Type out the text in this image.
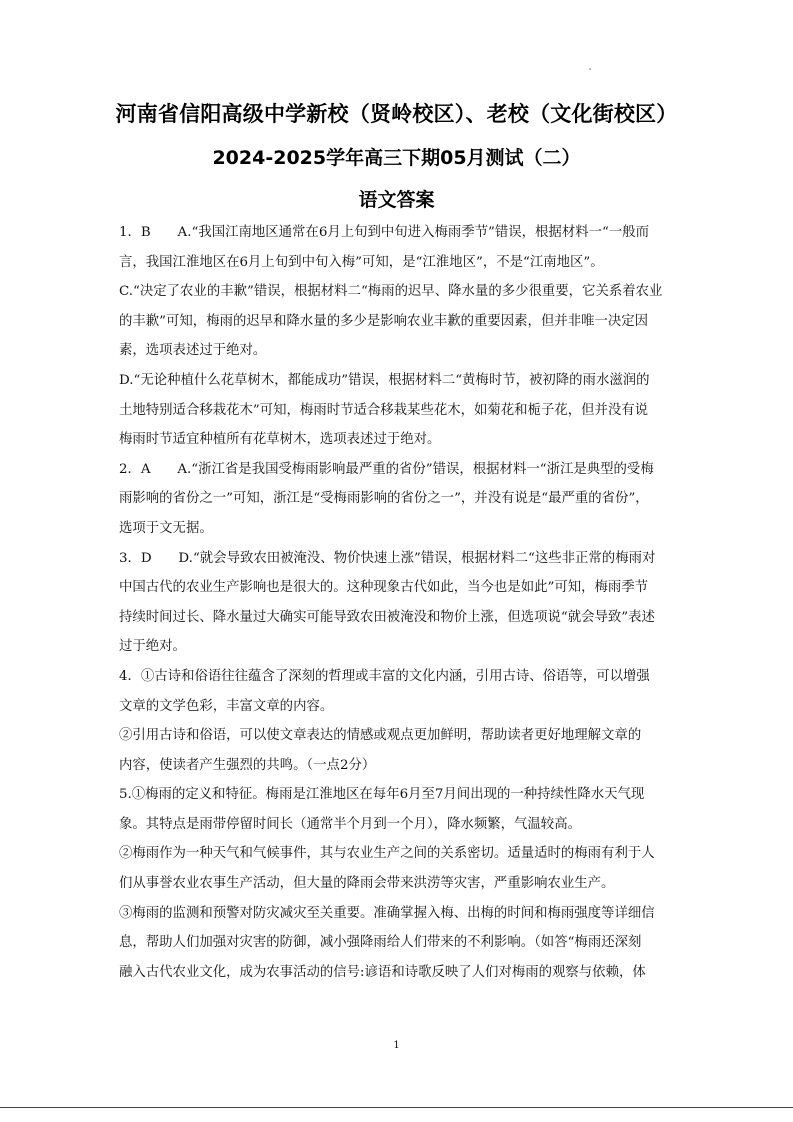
河南省信阳高级中学新校（贤岭校区）、老校（文化街校区）
2024-2025学年高三下期05月测试（二）
语文答案
1．B　　A.“我国江南地区通常在6月上旬到中旬进入梅雨季节”错误，根据材料一“一般而
言，我国江淮地区在6月上旬到中旬入梅”可知，是“江淮地区”，不是“江南地区”。
C.“决定了农业的丰歉”错误，根据材料二“梅雨的迟早、降水量的多少很重要，它关系着农业
的丰歉”可知，梅雨的迟早和降水量的多少是影响农业丰歉的重要因素，但并非唯一决定因
素，选项表述过于绝对。
D.“无论种植什么花草树木，都能成功”错误，根据材料二“黄梅时节，被初降的雨水滋润的
土地特别适合移栽花木”可知，梅雨时节适合移栽某些花木，如菊花和栀子花，但并没有说
梅雨时节适宜种植所有花草树木，选项表述过于绝对。
2．A　　A.“浙江省是我国受梅雨影响最严重的省份”错误，根据材料一“浙江是典型的受梅
雨影响的省份之一”可知，浙江是“受梅雨影响的省份之一”，并没有说是“最严重的省份”，
选项于文无据。
3．D　　D.“就会导致农田被淹没、物价快速上涨”错误，根据材料二“这些非正常的梅雨对
中国古代的农业生产影响也是很大的。这种现象古代如此，当今也是如此”可知，梅雨季节
持续时间过长、降水量过大确实可能导致农田被淹没和物价上涨，但选项说“就会导致”表述
过于绝对。
4．①古诗和俗语往往蕴含了深刻的哲理或丰富的文化内涵，引用古诗、俗语等，可以增强
文章的文学色彩，丰富文章的内容。
②引用古诗和俗语，可以使文章表达的情感或观点更加鲜明，帮助读者更好地理解文章的
内容，使读者产生强烈的共鸣。（一点2分）
5.①梅雨的定义和特征。梅雨是江淮地区在每年6月至7月间出现的一种持续性降水天气现
象。其特点是雨带停留时间长（通常半个月到一个月），降水频繁，气温较高。
②梅雨作为一种天气和气候事件，其与农业生产之间的关系密切。适量适时的梅雨有利于人
们从事誉农业农事生产活动，但大量的降雨会带来洪涝等灾害，严重影响农业生产。
③梅雨的监测和预警对防灾减灾至关重要。准确掌握入梅、出梅的时间和梅雨强度等详细信
息，帮助人们加强对灾害的防御，减小强降雨给人们带来的不利影响。（如答“梅雨还深刻
融入古代农业文化，成为农事活动的信号:谚语和诗歌反映了人们对梅雨的观察与依赖，体
1
